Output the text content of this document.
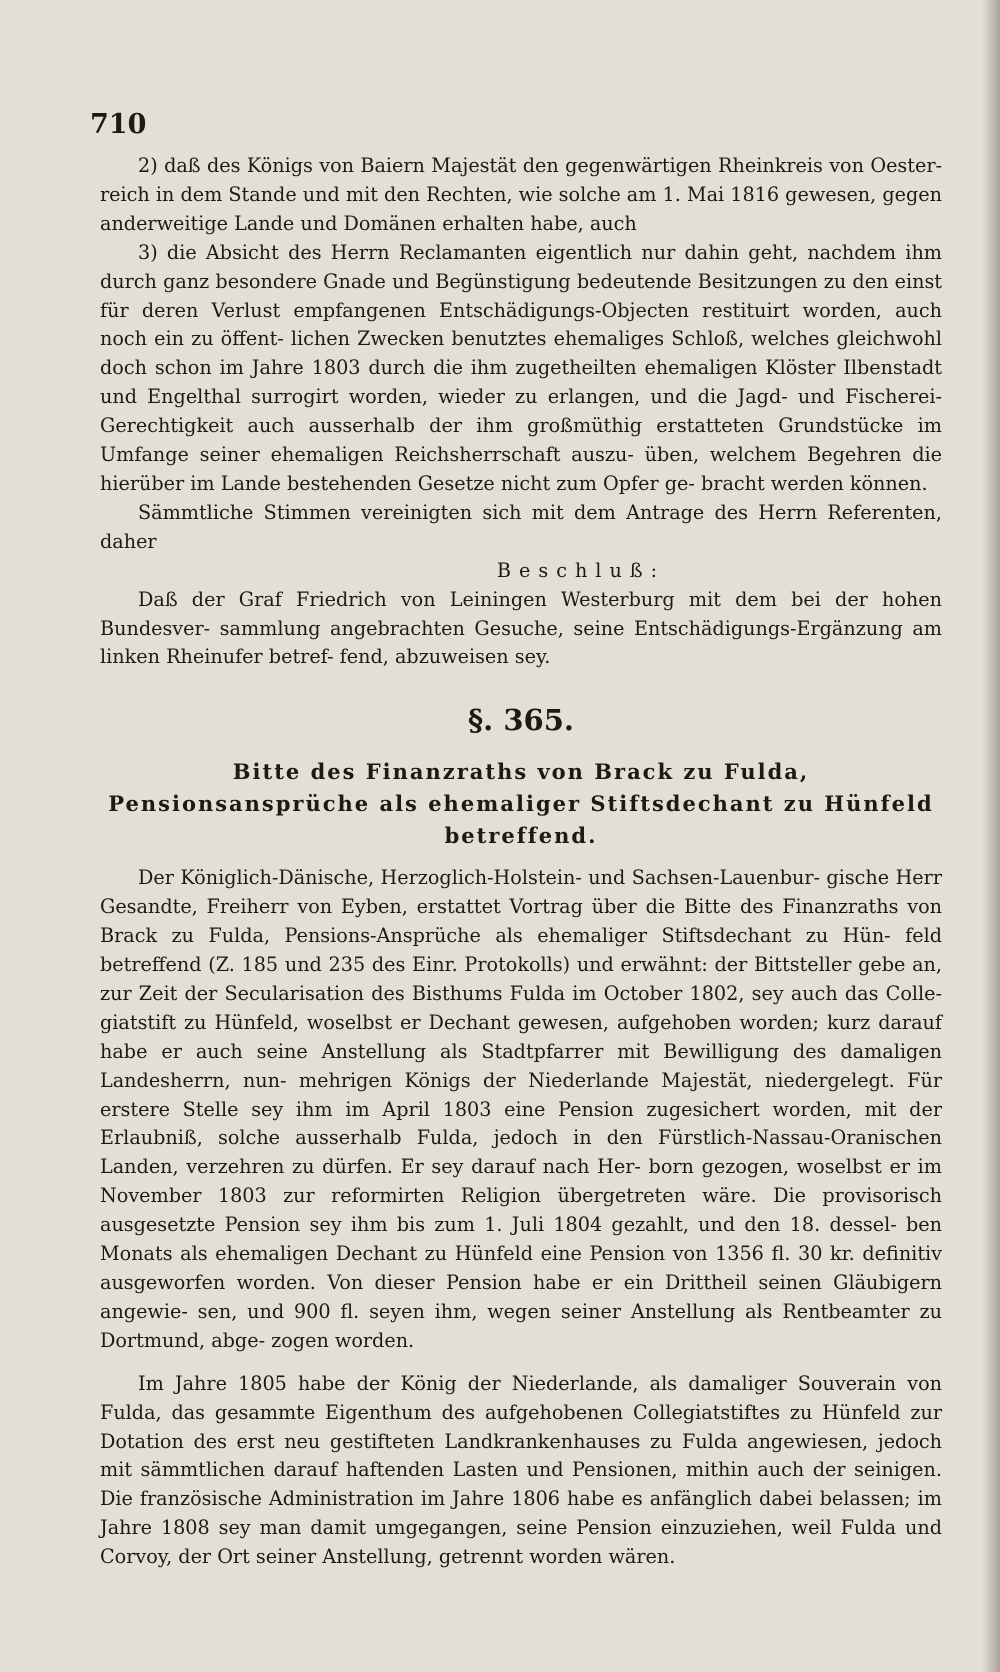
710

2) daß des Königs von Baiern Majestät den gegenwärtigen Rheinkreis von Oester- reich in dem Stande und mit den Rechten, wie solche am 1. Mai 1816 gewesen, gegen anderweitige Lande und Domänen erhalten habe, auch

3) die Absicht des Herrn Reclamanten eigentlich nur dahin geht, nachdem ihm durch ganz besondere Gnade und Begünstigung bedeutende Besitzungen zu den einst für deren Verlust empfangenen Entschädigungs-Objecten restituirt worden, auch noch ein zu öffent- lichen Zwecken benutztes ehemaliges Schloß, welches gleichwohl doch schon im Jahre 1803 durch die ihm zugetheilten ehemaligen Klöster Ilbenstadt und Engelthal surrogirt worden, wieder zu erlangen, und die Jagd- und Fischerei-Gerechtigkeit auch ausserhalb der ihm großmüthig erstatteten Grundstücke im Umfange seiner ehemaligen Reichsherrschaft auszu- üben, welchem Begehren die hierüber im Lande bestehenden Gesetze nicht zum Opfer ge- bracht werden können.

Sämmtliche Stimmen vereinigten sich mit dem Antrage des Herrn Referenten, daher

Beschluß:

Daß der Graf Friedrich von Leiningen Westerburg mit dem bei der hohen Bundesver- sammlung angebrachten Gesuche, seine Entschädigungs-Ergänzung am linken Rheinufer betref- fend, abzuweisen sey.

§. 365.
Bitte des Finanzraths von Brack zu Fulda, Pensionsansprüche als ehemaliger Stiftsdechant zu Hünfeld betreffend.

Der Königlich-Dänische, Herzoglich-Holstein- und Sachsen-Lauenbur- gische Herr Gesandte, Freiherr von Eyben, erstattet Vortrag über die Bitte des Finanzraths von Brack zu Fulda, Pensions-Ansprüche als ehemaliger Stiftsdechant zu Hün- feld betreffend (Z. 185 und 235 des Einr. Protokolls) und erwähnt: der Bittsteller gebe an, zur Zeit der Secularisation des Bisthums Fulda im October 1802, sey auch das Colle- giatstift zu Hünfeld, woselbst er Dechant gewesen, aufgehoben worden; kurz darauf habe er auch seine Anstellung als Stadtpfarrer mit Bewilligung des damaligen Landesherrn, nun- mehrigen Königs der Niederlande Majestät, niedergelegt. Für erstere Stelle sey ihm im April 1803 eine Pension zugesichert worden, mit der Erlaubniß, solche ausserhalb Fulda, jedoch in den Fürstlich-Nassau-Oranischen Landen, verzehren zu dürfen. Er sey darauf nach Her- born gezogen, woselbst er im November 1803 zur reformirten Religion übergetreten wäre. Die provisorisch ausgesetzte Pension sey ihm bis zum 1. Juli 1804 gezahlt, und den 18. dessel- ben Monats als ehemaligen Dechant zu Hünfeld eine Pension von 1356 fl. 30 kr. definitiv ausgeworfen worden. Von dieser Pension habe er ein Drittheil seinen Gläubigern angewie- sen, und 900 fl. seyen ihm, wegen seiner Anstellung als Rentbeamter zu Dortmund, abge- zogen worden.

Im Jahre 1805 habe der König der Niederlande, als damaliger Souverain von Fulda, das gesammte Eigenthum des aufgehobenen Collegiatstiftes zu Hünfeld zur Dotation des erst neu gestifteten Landkrankenhauses zu Fulda angewiesen, jedoch mit sämmtlichen darauf haftenden Lasten und Pensionen, mithin auch der seinigen. Die französische Administration im Jahre 1806 habe es anfänglich dabei belassen; im Jahre 1808 sey man damit umgegangen, seine Pension einzuziehen, weil Fulda und Corvoy, der Ort seiner Anstellung, getrennt worden wären.
